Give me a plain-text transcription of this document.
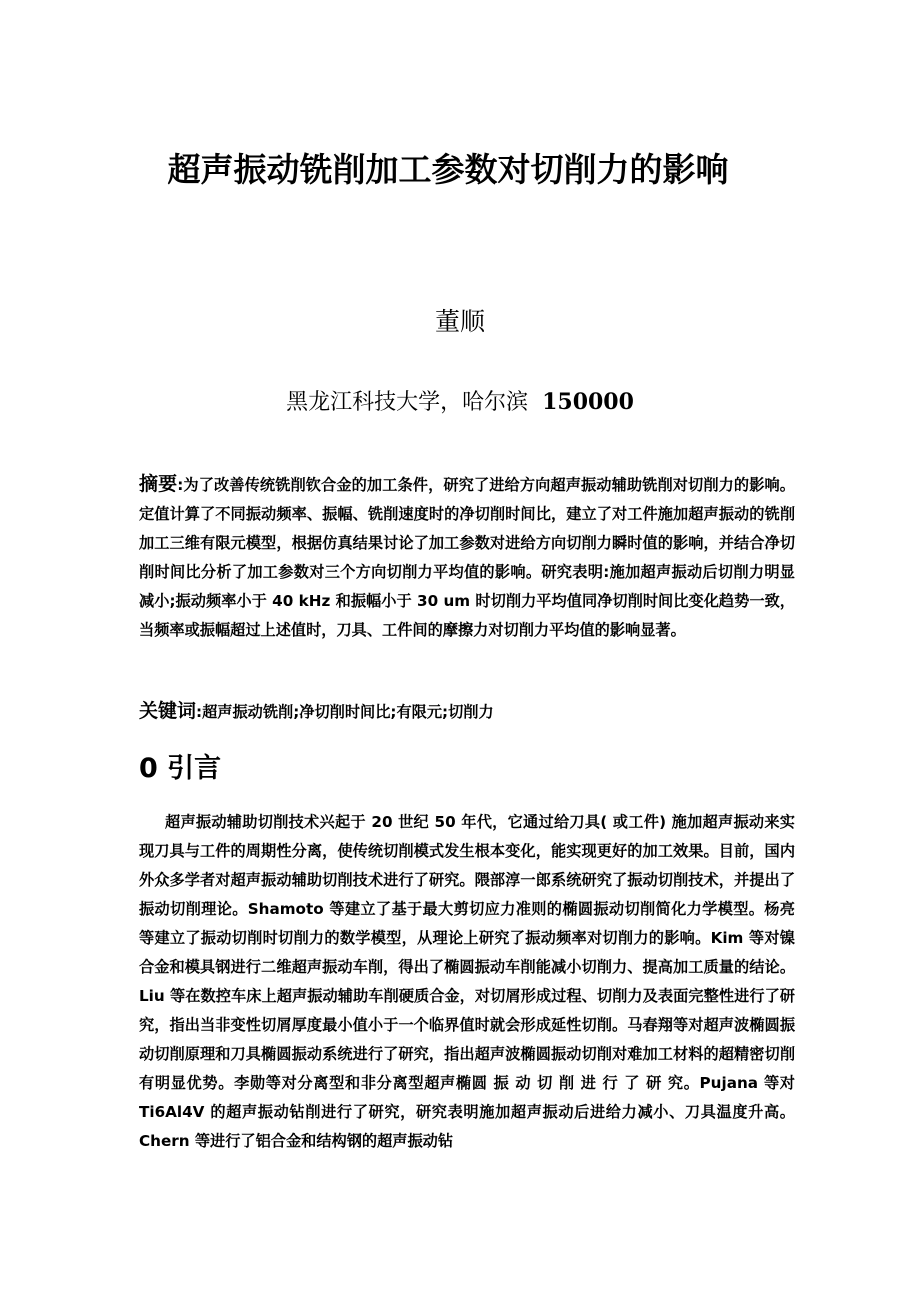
超声振动铣削加工参数对切削力的影响
董顺
黑龙江科技大学，哈尔滨 150000
摘要:为了改善传统铣削钦合金的加工条件，研究了进给方向超声振动辅助铣削对切削力的影响。定值计算了不同振动频率、振幅、铣削速度时的净切削时间比，建立了对工件施加超声振动的铣削加工三维有限元模型，根据仿真结果讨论了加工参数对进给方向切削力瞬时值的影响，并结合净切削时间比分析了加工参数对三个方向切削力平均值的影响。研究表明:施加超声振动后切削力明显减小;振动频率小于 40 kHz 和振幅小于 30 um 时切削力平均值同净切削时间比变化趋势一致，当频率或振幅超过上述值时，刀具、工件间的摩擦力对切削力平均值的影响显著。
关键词:超声振动铣削;净切削时间比;有限元;切削力
0 引言
超声振动辅助切削技术兴起于 20 世纪 50 年代，它通过给刀具( 或工件) 施加超声振动来实现刀具与工件的周期性分离，使传统切削模式发生根本变化，能实现更好的加工效果。目前，国内外众多学者对超声振动辅助切削技术进行了研究。隈部淳一郎系统研究了振动切削技术，并提出了振动切削理论。Shamoto 等建立了基于最大剪切应力准则的椭圆振动切削简化力学模型。杨亮等建立了振动切削时切削力的数学模型，从理论上研究了振动频率对切削力的影响。Kim 等对镍合金和模具钢进行二维超声振动车削，得出了椭圆振动车削能减小切削力、提高加工质量的结论。Liu 等在数控车床上超声振动辅助车削硬质合金，对切屑形成过程、切削力及表面完整性进行了研究，指出当非变性切屑厚度最小值小于一个临界值时就会形成延性切削。马春翔等对超声波椭圆振动切削原理和刀具椭圆振动系统进行了研究，指出超声波椭圆振动切削对难加工材料的超精密切削有明显优势。李勋等对分离型和非分离型超声椭圆 振 动 切 削 进 行 了 研 究。Pujana 等对 Ti6Al4V 的超声振动钻削进行了研究，研究表明施加超声振动后进给力减小、刀具温度升高。Chern 等进行了铝合金和结构钢的超声振动钻
